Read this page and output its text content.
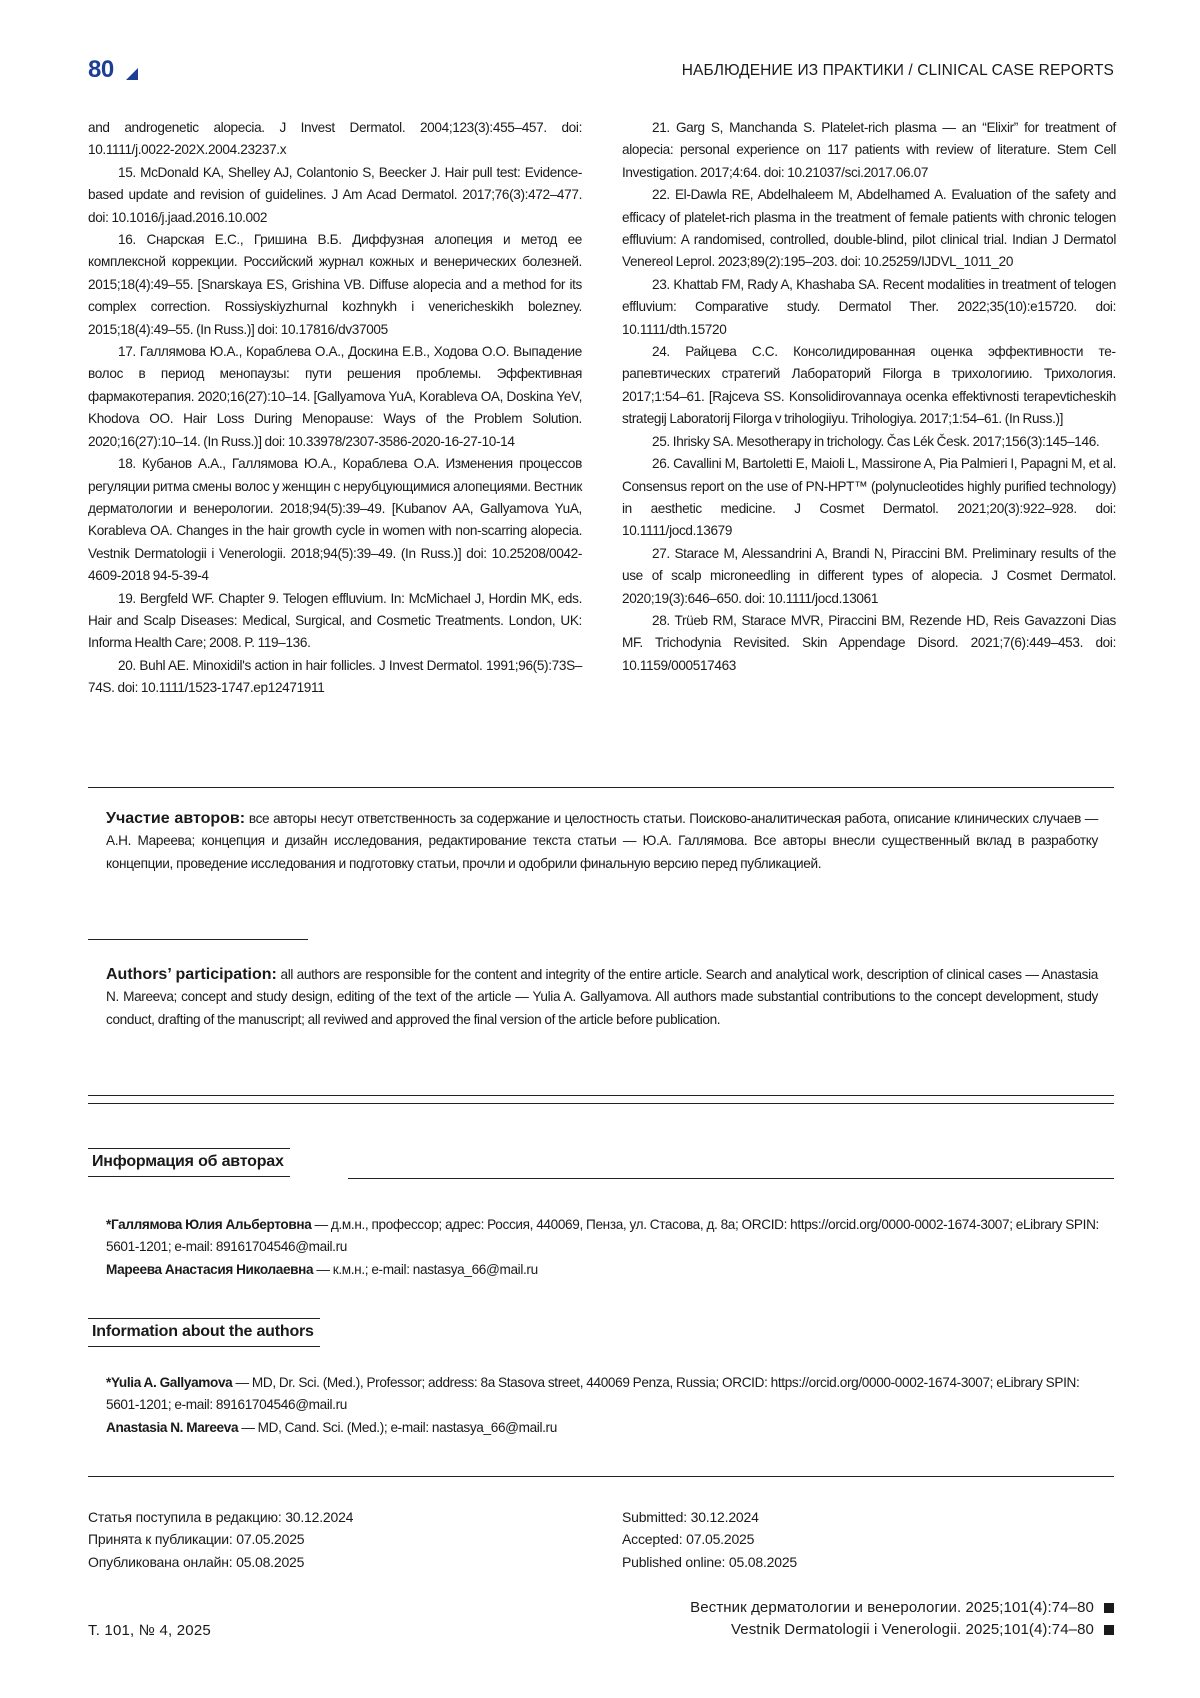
80	НАБЛЮДЕНИЕ ИЗ ПРАКТИКИ / CLINICAL CASE REPORTS

and androgenetic alopecia. J Invest Dermatol. 2004;123(3):455–457. doi: 10.1111/j.0022-202X.2004.23237.x

15. McDonald KA, Shelley AJ, Colantonio S, Beecker J. Hair pull test: Evidence-based update and revision of guidelines. J Am Acad Dermatol. 2017;76(3):472–477. doi: 10.1016/j.jaad.2016.10.002

16. Снарская Е.С., Гришина В.Б. Диффузная алопеция и метод ее комплексной коррекции. Российский журнал кожных и венерических болезней. 2015;18(4):49–55. [Snarskaya ES, Grishina VB. Diffuse alopecia and a method for its complex correction. Rossiyskiyzhurnal kozhnykh i venericheskikh bolezney. 2015;18(4):49–55. (In Russ.)] doi: 10.17816/dv37005

17. Галлямова Ю.А., Кораблева О.А., Доскина Е.В., Ходова О.О. Выпадение волос в период менопаузы: пути решения проблемы. Эффективная фармакотерапия. 2020;16(27):10–14. [Gallyamova YuA, Korableva OA, Doskina YeV, Khodova OO. Hair Loss During Menopause: Ways of the Problem Solution. 2020;16(27):10–14. (In Russ.)] doi: 10.33978/2307-3586-2020-16-27-10-14

18. Кубанов А.А., Галлямова Ю.А., Кораблева О.А. Изменения процессов регуляции ритма смены волос у женщин с нерубцующимися алопециями. Вестник дерматологии и венерологии. 2018;94(5):39–49. [Kubanov AA, Gallyamova YuA, Korableva OA. Changes in the hair growth cycle in women with non-scarring alopecia. Vestnik Dermatologii i Venerologii. 2018;94(5):39–49. (In Russ.)] doi: 10.25208/0042-4609-2018 94-5-39-4

19. Bergfeld WF. Chapter 9. Telogen effluvium. In: McMichael J, Hordin MK, eds. Hair and Scalp Diseases: Medical, Surgical, and Cosmetic Treatments. London, UK: Informa Health Care; 2008. P. 119–136.

20. Buhl AE. Minoxidil's action in hair follicles. J Invest Dermatol. 1991;96(5):73S–74S. doi: 10.1111/1523-1747.ep12471911

21. Garg S, Manchanda S. Platelet-rich plasma — an “Elixir” for treatment of alopecia: personal experience on 117 patients with review of literature. Stem Cell Investigation. 2017;4:64. doi: 10.21037/sci.2017.06.07

22. El-Dawla RE, Abdelhaleem M, Abdelhamed A. Evaluation of the safety and efficacy of platelet-rich plasma in the treatment of female patients with chronic telogen effluvium: A randomised, controlled, double-blind, pilot clinical trial. Indian J Dermatol Venereol Leprol. 2023;89(2):195–203. doi: 10.25259/IJDVL_1011_20

23. Khattab FM, Rady A, Khashaba SA. Recent modalities in treatment of telogen effluvium: Comparative study. Dermatol Ther. 2022;35(10):e15720. doi: 10.1111/dth.15720

24. Райцева С.С. Консолидированная оценка эффективности терапевтических стратегий Лабораторий Filorga в трихологиию. Трихология. 2017;1:54–61. [Rajceva SS. Konsolidirovannaya ocenka effektivnosti terapevticheskih strategij Laboratorij Filorga v trihologiiyu. Trihologiya. 2017;1:54–61. (In Russ.)]

25. Ihrisky SA. Mesotherapy in trichology. Čas Lék Česk. 2017;156(3):145–146.

26. Cavallini M, Bartoletti E, Maioli L, Massirone A, Pia Palmieri I, Papagni M, et al. Consensus report on the use of PN-HPT™ (polynucleotides highly purified technology) in aesthetic medicine. J Cosmet Dermatol. 2021;20(3):922–928. doi: 10.1111/jocd.13679

27. Starace M, Alessandrini A, Brandi N, Piraccini BM. Preliminary results of the use of scalp microneedling in different types of alopecia. J Cosmet Dermatol. 2020;19(3):646–650. doi: 10.1111/jocd.13061

28. Trüeb RM, Starace MVR, Piraccini BM, Rezende HD, Reis Gavazzoni Dias MF. Trichodynia Revisited. Skin Appendage Disord. 2021;7(6):449–453. doi: 10.1159/000517463

Участие авторов: все авторы несут ответственность за содержание и целостность статьи. Поисково-аналитическая работа, описание клинических случаев — А.Н. Мареева; концепция и дизайн исследования, редактирование текста статьи — Ю.А. Галлямова. Все авторы внесли существенный вклад в разработку концепции, проведение исследования и подготовку статьи, прочли и одобрили финальную версию перед публикацией.
Authors’ participation: all authors are responsible for the content and integrity of the entire article. Search and analytical work, description of clinical cases — Anastasia N. Mareeva; concept and study design, editing of the text of the article — Yulia A. Gallyamova. All authors made substantial contributions to the concept development, study conduct, drafting of the manuscript; all reviwed and approved the final version of the article before publication.
Информация об авторах

*Галлямова Юлия Альбертовна — д.м.н., профессор; адрес: Россия, 440069, Пенза, ул. Стасова, д. 8а; ORCID: https://orcid.org/0000-0002-1674-3007; eLibrary SPIN: 5601-1201; e-mail: 89161704546@mail.ru

Мареева Анастасия Николаевна — к.м.н.; e-mail: nastasya_66@mail.ru

Information about the authors

*Yulia A. Gallyamova — MD, Dr. Sci. (Med.), Professor; address: 8a Stasova street, 440069 Penza, Russia; ORCID: https://orcid.org/0000-0002-1674-3007; eLibrary SPIN: 5601-1201; e-mail: 89161704546@mail.ru

Anastasia N. Mareeva — MD, Cand. Sci. (Med.); e-mail: nastasya_66@mail.ru

Статья поступила в редакцию: 30.12.2024

Принята к публикации: 07.05.2025

Опубликована онлайн: 05.08.2025

Submitted: 30.12.2024

Accepted: 07.05.2025

Published online: 05.08.2025

Т. 101, № 4, 2025
Вестник дерматологии и венерологии. 2025;101(4):74–80
Vestnik Dermatologii i Venerologii. 2025;101(4):74–80
